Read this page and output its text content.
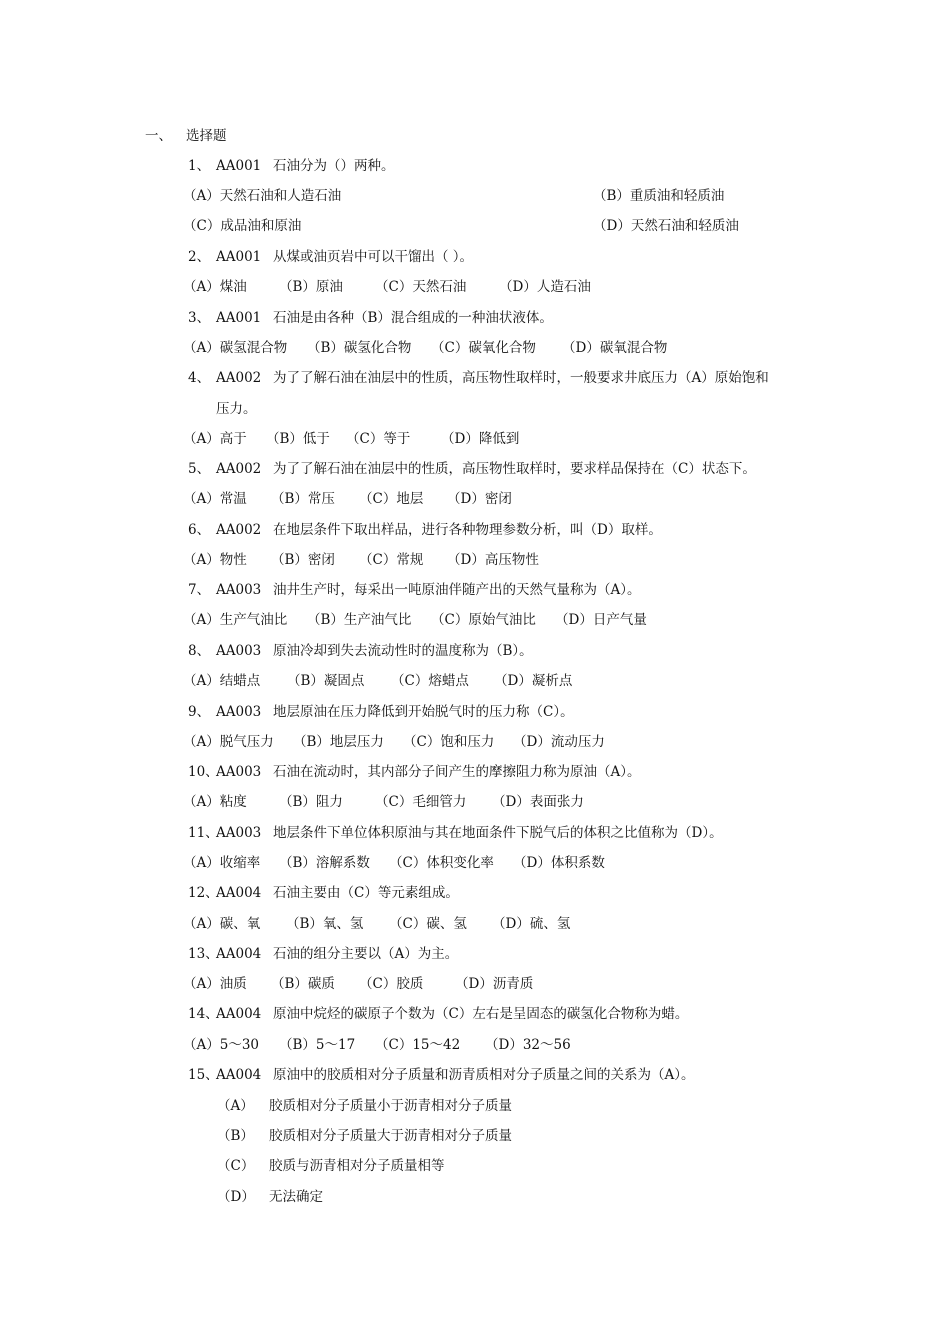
一、 选择题
1、 AA001 石油分为（）两种。
（A）天然石油和人造石油	（B）重质油和轻质油
（C）成品油和原油	（D）天然石油和轻质油
2、 AA001 从煤或油页岩中可以干馏出（ ）。
（A）煤油 （B）原油 （C）天然石油 （D）人造石油
3、 AA001 石油是由各种（B）混合组成的一种油状液体。
（A）碳氢混合物 （B）碳氢化合物 （C）碳氧化合物 （D）碳氧混合物
4、 AA002 为了了解石油在油层中的性质，高压物性取样时，一般要求井底压力（A）原始饱和
压力。
（A）高于 （B）低于 （C）等于 （D）降低到
5、 AA002 为了了解石油在油层中的性质，高压物性取样时，要求样品保持在（C）状态下。
（A）常温 （B）常压 （C）地层 （D）密闭
6、 AA002 在地层条件下取出样品，进行各种物理参数分析，叫（D）取样。
（A）物性 （B）密闭 （C）常规 （D）高压物性
7、 AA003 油井生产时，每采出一吨原油伴随产出的天然气量称为（A）。
（A）生产气油比 （B）生产油气比 （C）原始气油比 （D）日产气量
8、 AA003 原油冷却到失去流动性时的温度称为（B）。
（A）结蜡点 （B）凝固点 （C）熔蜡点 （D）凝析点
9、 AA003 地层原油在压力降低到开始脱气时的压力称（C）。
（A）脱气压力 （B）地层压力 （C）饱和压力 （D）流动压力
10、AA003 石油在流动时，其内部分子间产生的摩擦阻力称为原油（A）。
（A）粘度 （B）阻力 （C）毛细管力 （D）表面张力
11、AA003 地层条件下单位体积原油与其在地面条件下脱气后的体积之比值称为（D）。
（A）收缩率 （B）溶解系数 （C）体积变化率 （D）体积系数
12、AA004 石油主要由（C）等元素组成。
（A）碳、氧 （B）氧、氢 （C）碳、氢 （D）硫、氢
13、AA004 石油的组分主要以（A）为主。
（A）油质 （B）碳质 （C）胶质 （D）沥青质
14、AA004 原油中烷烃的碳原子个数为（C）左右是呈固态的碳氢化合物称为蜡。
（A）5～30 （B）5～17 （C）15～42 （D）32～56
15、AA004 原油中的胶质相对分子质量和沥青质相对分子质量之间的关系为（A）。
（A） 胶质相对分子质量小于沥青相对分子质量
（B） 胶质相对分子质量大于沥青相对分子质量
（C） 胶质与沥青相对分子质量相等
（D） 无法确定
